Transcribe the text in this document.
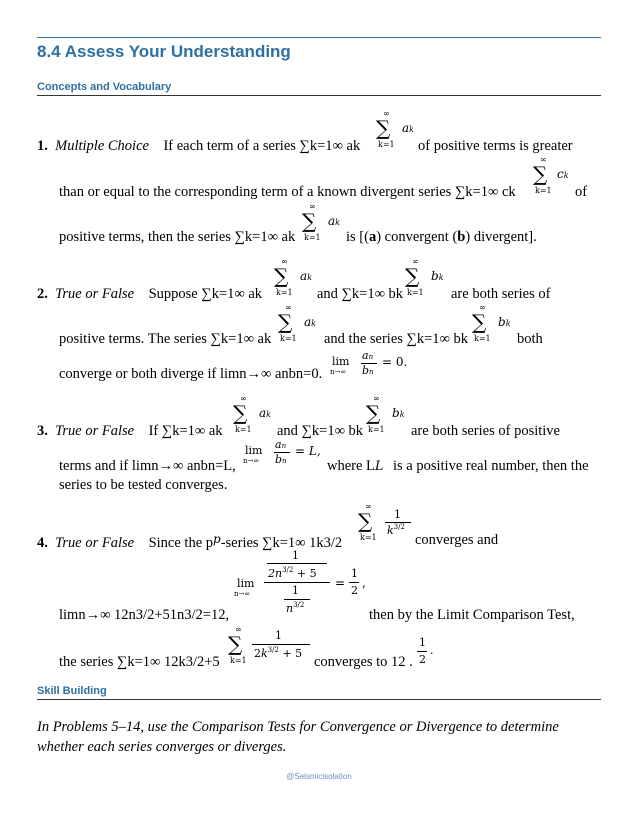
8.4 Assess Your Understanding
Concepts and Vocabulary
∞
∑
k=1
ak
1. Multiple Choice If each term of a series ∑k=1∞ ak	of positive terms is greater
∞
∑
k=1
ck
than or equal to the corresponding term of a known divergent series ∑k=1∞ ck	of
∞
∑
k=1
ak
positive terms, then the series ∑k=1∞ ak	is [(a) convergent (b) divergent].
∞
∑
k=1
ak
∞
∑
k=1
bk
2. True or False Suppose ∑k=1∞ ak	and ∑k=1∞ bk	are both series of
∞
∑
k=1
ak
∞
∑
k=1
bk
positive terms. The series ∑k=1∞ ak	and the series ∑k=1∞ bk	both
lim
n→∞
an
bn
= 0.
converge or both diverge if limn→∞ anbn=0.
∞
∑
k=1
ak
∞
∑
k=1
bk
3. True or False If ∑k=1∞ ak	and ∑k=1∞ bk	are both series of positive
lim
n→∞
an
bn
= L,
terms and if limn→∞ anbn=L,	where LL is a positive real number, then the
series to be tested converges.
∞
∑
k=1
1
$k^{3/2}$
4. True or False Since the $p^p$-series ∑k=1∞ 1k3/2	converges and
lim
n→∞
1
$2n^{3/2} + 5$
1
$n^{3/2}$
=
1
2
,
limn→∞ 12n3/2+51n3/2=12,	then by the Limit Comparison Test,
∞
∑
k=1
1
$2k^{3/2} + 5$
the series ∑k=1∞ 12k3/2+5	converges to 12 .
1
2
.
Skill Building
In Problems 5–14, use the Comparison Tests for Convergence or Divergence to determine whether each series converges or diverges.
@Seismicisolation
